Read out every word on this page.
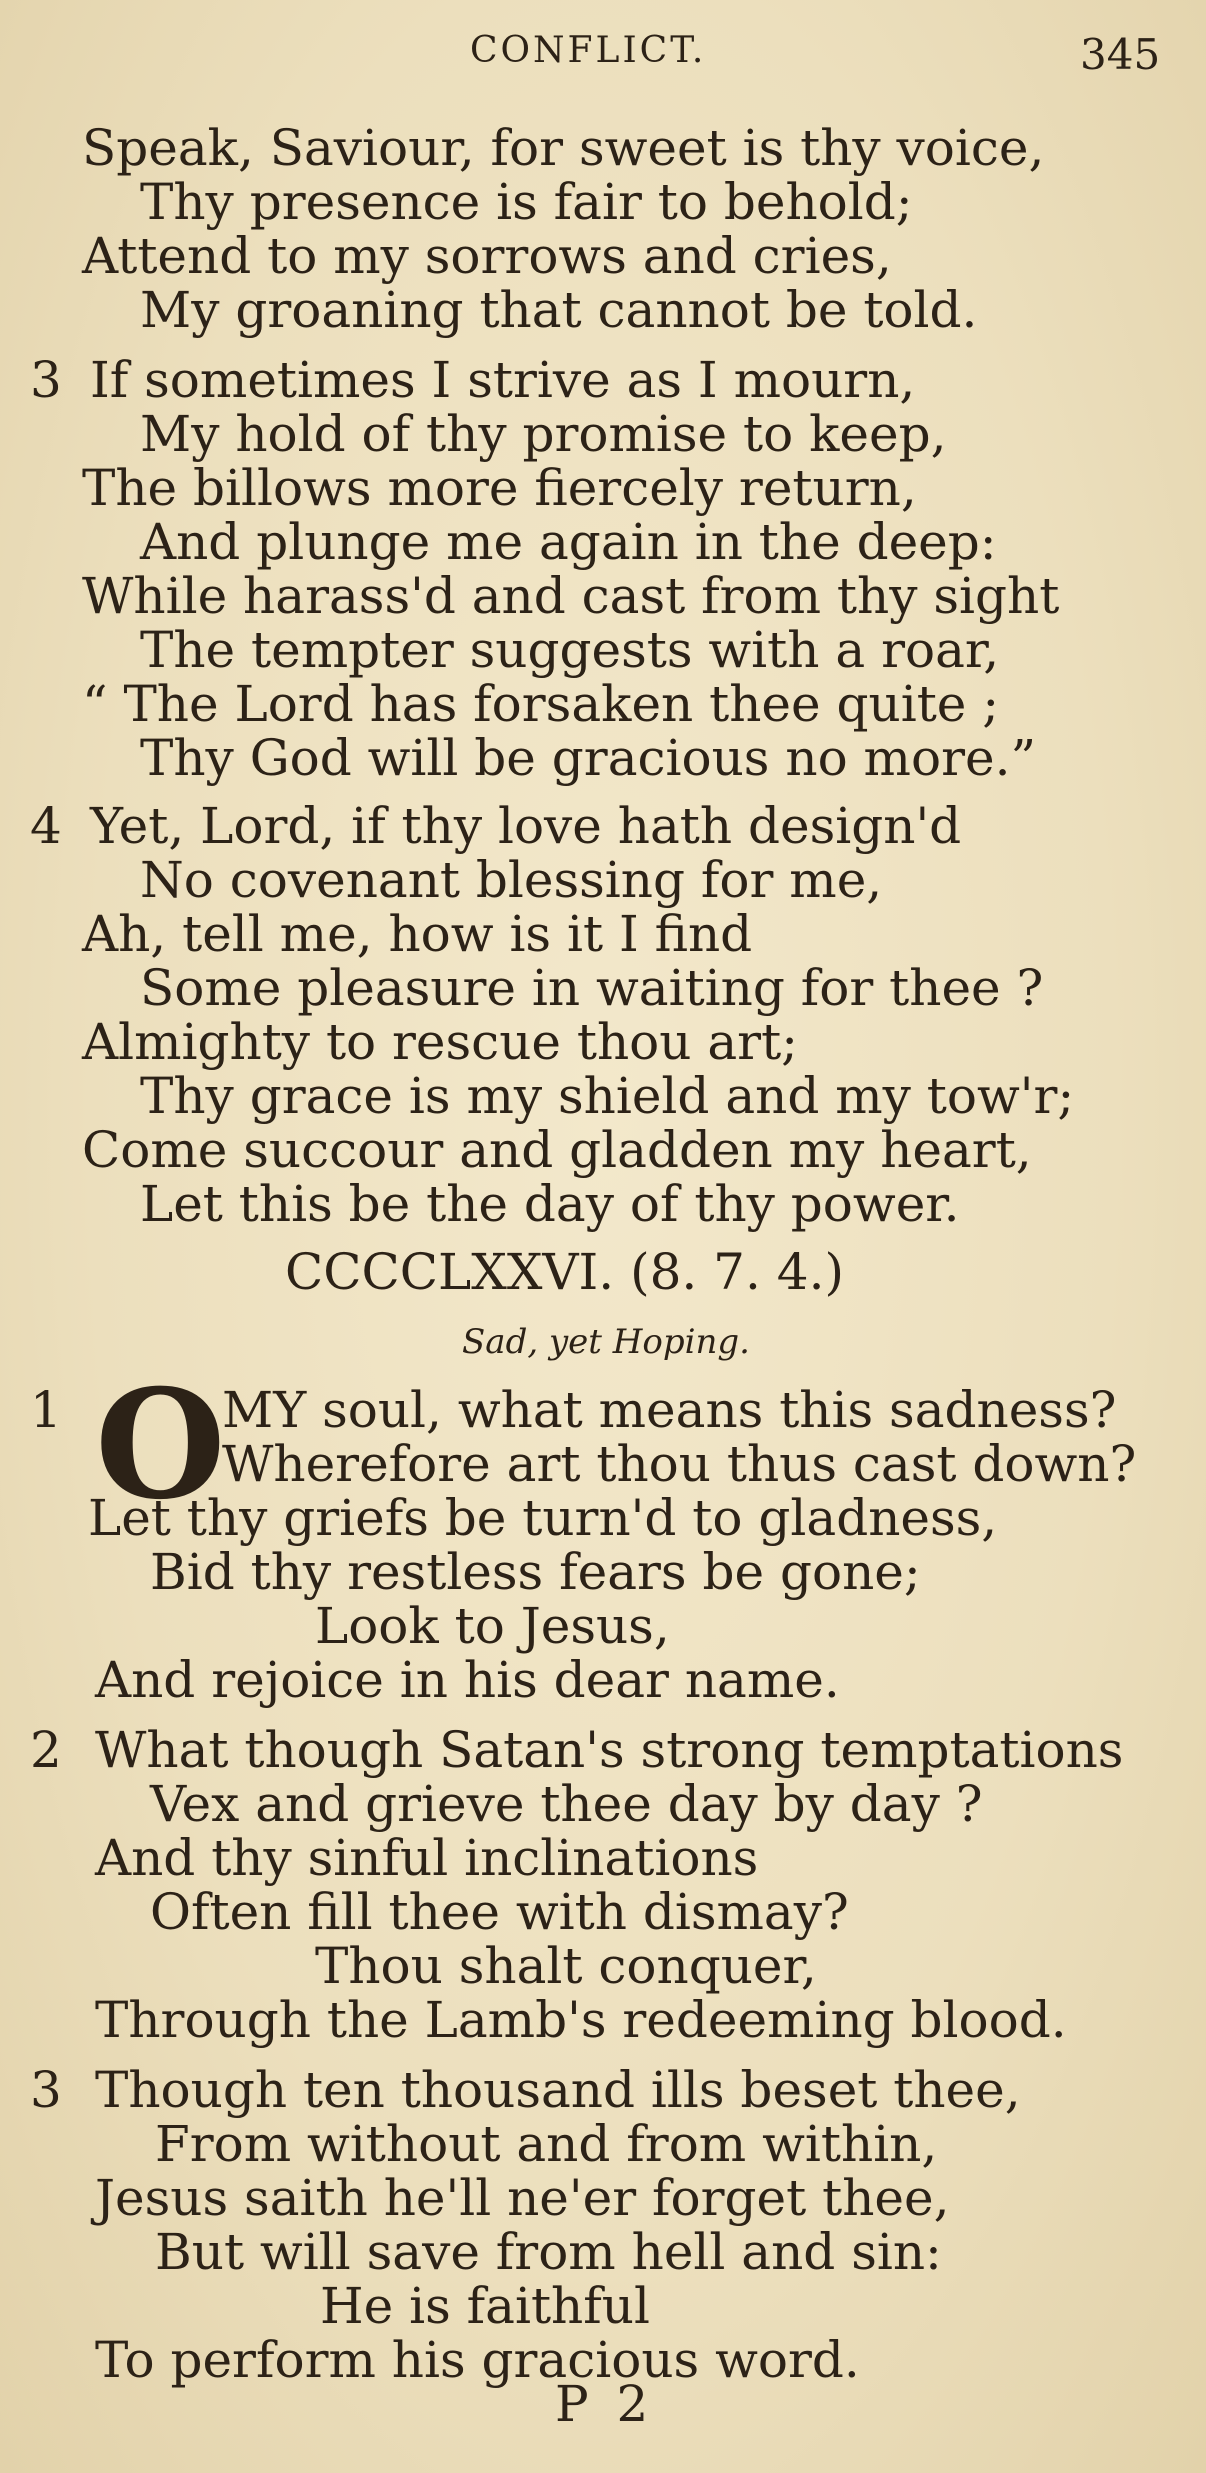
CONFLICT.	345
Speak, Saviour, for sweet is thy voice,
Thy presence is fair to behold;
Attend to my sorrows and cries,
My groaning that cannot be told.
3 If sometimes I strive as I mourn,
My hold of thy promise to keep,
The billows more fiercely return,
And plunge me again in the deep:
While harass'd and cast from thy sight
The tempter suggests with a roar,
“ The Lord has forsaken thee quite ;
Thy God will be gracious no more.”
4 Yet, Lord, if thy love hath design'd
No covenant blessing for me,
Ah, tell me, how is it I find
Some pleasure in waiting for thee ?
Almighty to rescue thou art;
Thy grace is my shield and my tow'r;
Come succour and gladden my heart,
Let this be the day of thy power.
CCCCLXXVI. (8. 7. 4.)
Sad, yet Hoping.
1 O
MY soul, what means this sadness?
Wherefore art thou thus cast down?
Let thy griefs be turn'd to gladness,
Bid thy restless fears be gone;
Look to Jesus,
And rejoice in his dear name.
2 What though Satan's strong temptations
Vex and grieve thee day by day ?
And thy sinful inclinations
Often fill thee with dismay?
Thou shalt conquer,
Through the Lamb's redeeming blood.
3 Though ten thousand ills beset thee,
From without and from within,
Jesus saith he'll ne'er forget thee,
But will save from hell and sin:
He is faithful
To perform his gracious word.
P 2
